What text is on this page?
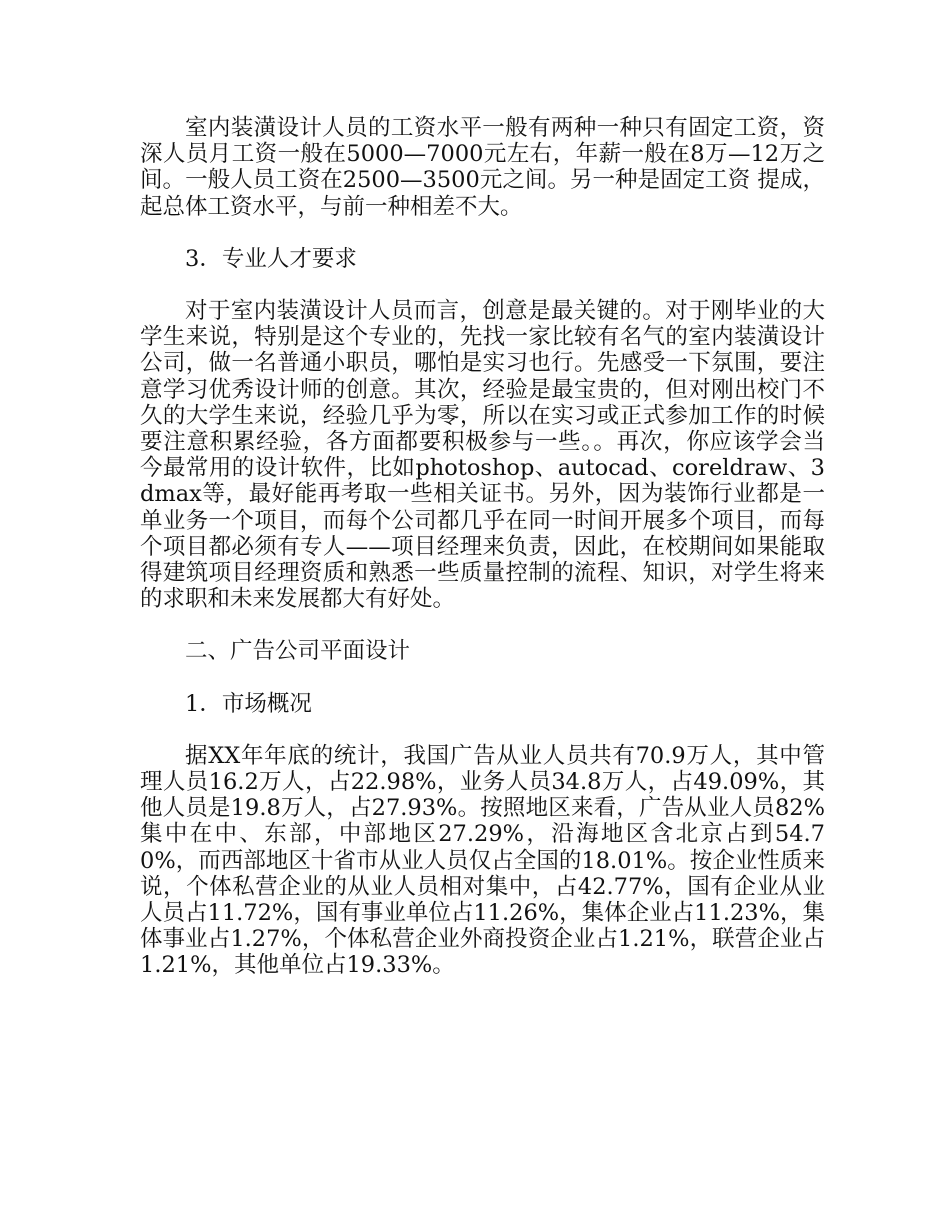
室内装潢设计人员的工资水平一般有两种一种只有固定工资，资深人员月工资一般在5000—7000元左右，年薪一般在8万—12万之间。一般人员工资在2500—3500元之间。另一种是固定工资 提成，起总体工资水平，与前一种相差不大。

3．专业人才要求

对于室内装潢设计人员而言，创意是最关键的。对于刚毕业的大学生来说，特别是这个专业的，先找一家比较有名气的室内装潢设计公司，做一名普通小职员，哪怕是实习也行。先感受一下氛围，要注意学习优秀设计师的创意。其次，经验是最宝贵的，但对刚出校门不久的大学生来说，经验几乎为零，所以在实习或正式参加工作的时候要注意积累经验，各方面都要积极参与一些。。再次，你应该学会当今最常用的设计软件，比如photoshop、autocad、coreldraw、3dmax等，最好能再考取一些相关证书。另外，因为装饰行业都是一单业务一个项目，而每个公司都几乎在同一时间开展多个项目，而每个项目都必须有专人——项目经理来负责，因此，在校期间如果能取得建筑项目经理资质和熟悉一些质量控制的流程、知识，对学生将来的求职和未来发展都大有好处。

二、广告公司平面设计

1．市场概况

据XX年年底的统计，我国广告从业人员共有70.9万人，其中管理人员16.2万人，占22.98%，业务人员34.8万人，占49.09%，其他人员是19.8万人，占27.93%。按照地区来看，广告从业人员82%集中在中、东部，中部地区27.29%，沿海地区含北京占到54.70%，而西部地区十省市从业人员仅占全国的18.01%。按企业性质来说，个体私营企业的从业人员相对集中，占42.77%，国有企业从业人员占11.72%，国有事业单位占11.26%，集体企业占11.23%，集体事业占1.27%，个体私营企业外商投资企业占1.21%，联营企业占1.21%，其他单位占19.33%。
